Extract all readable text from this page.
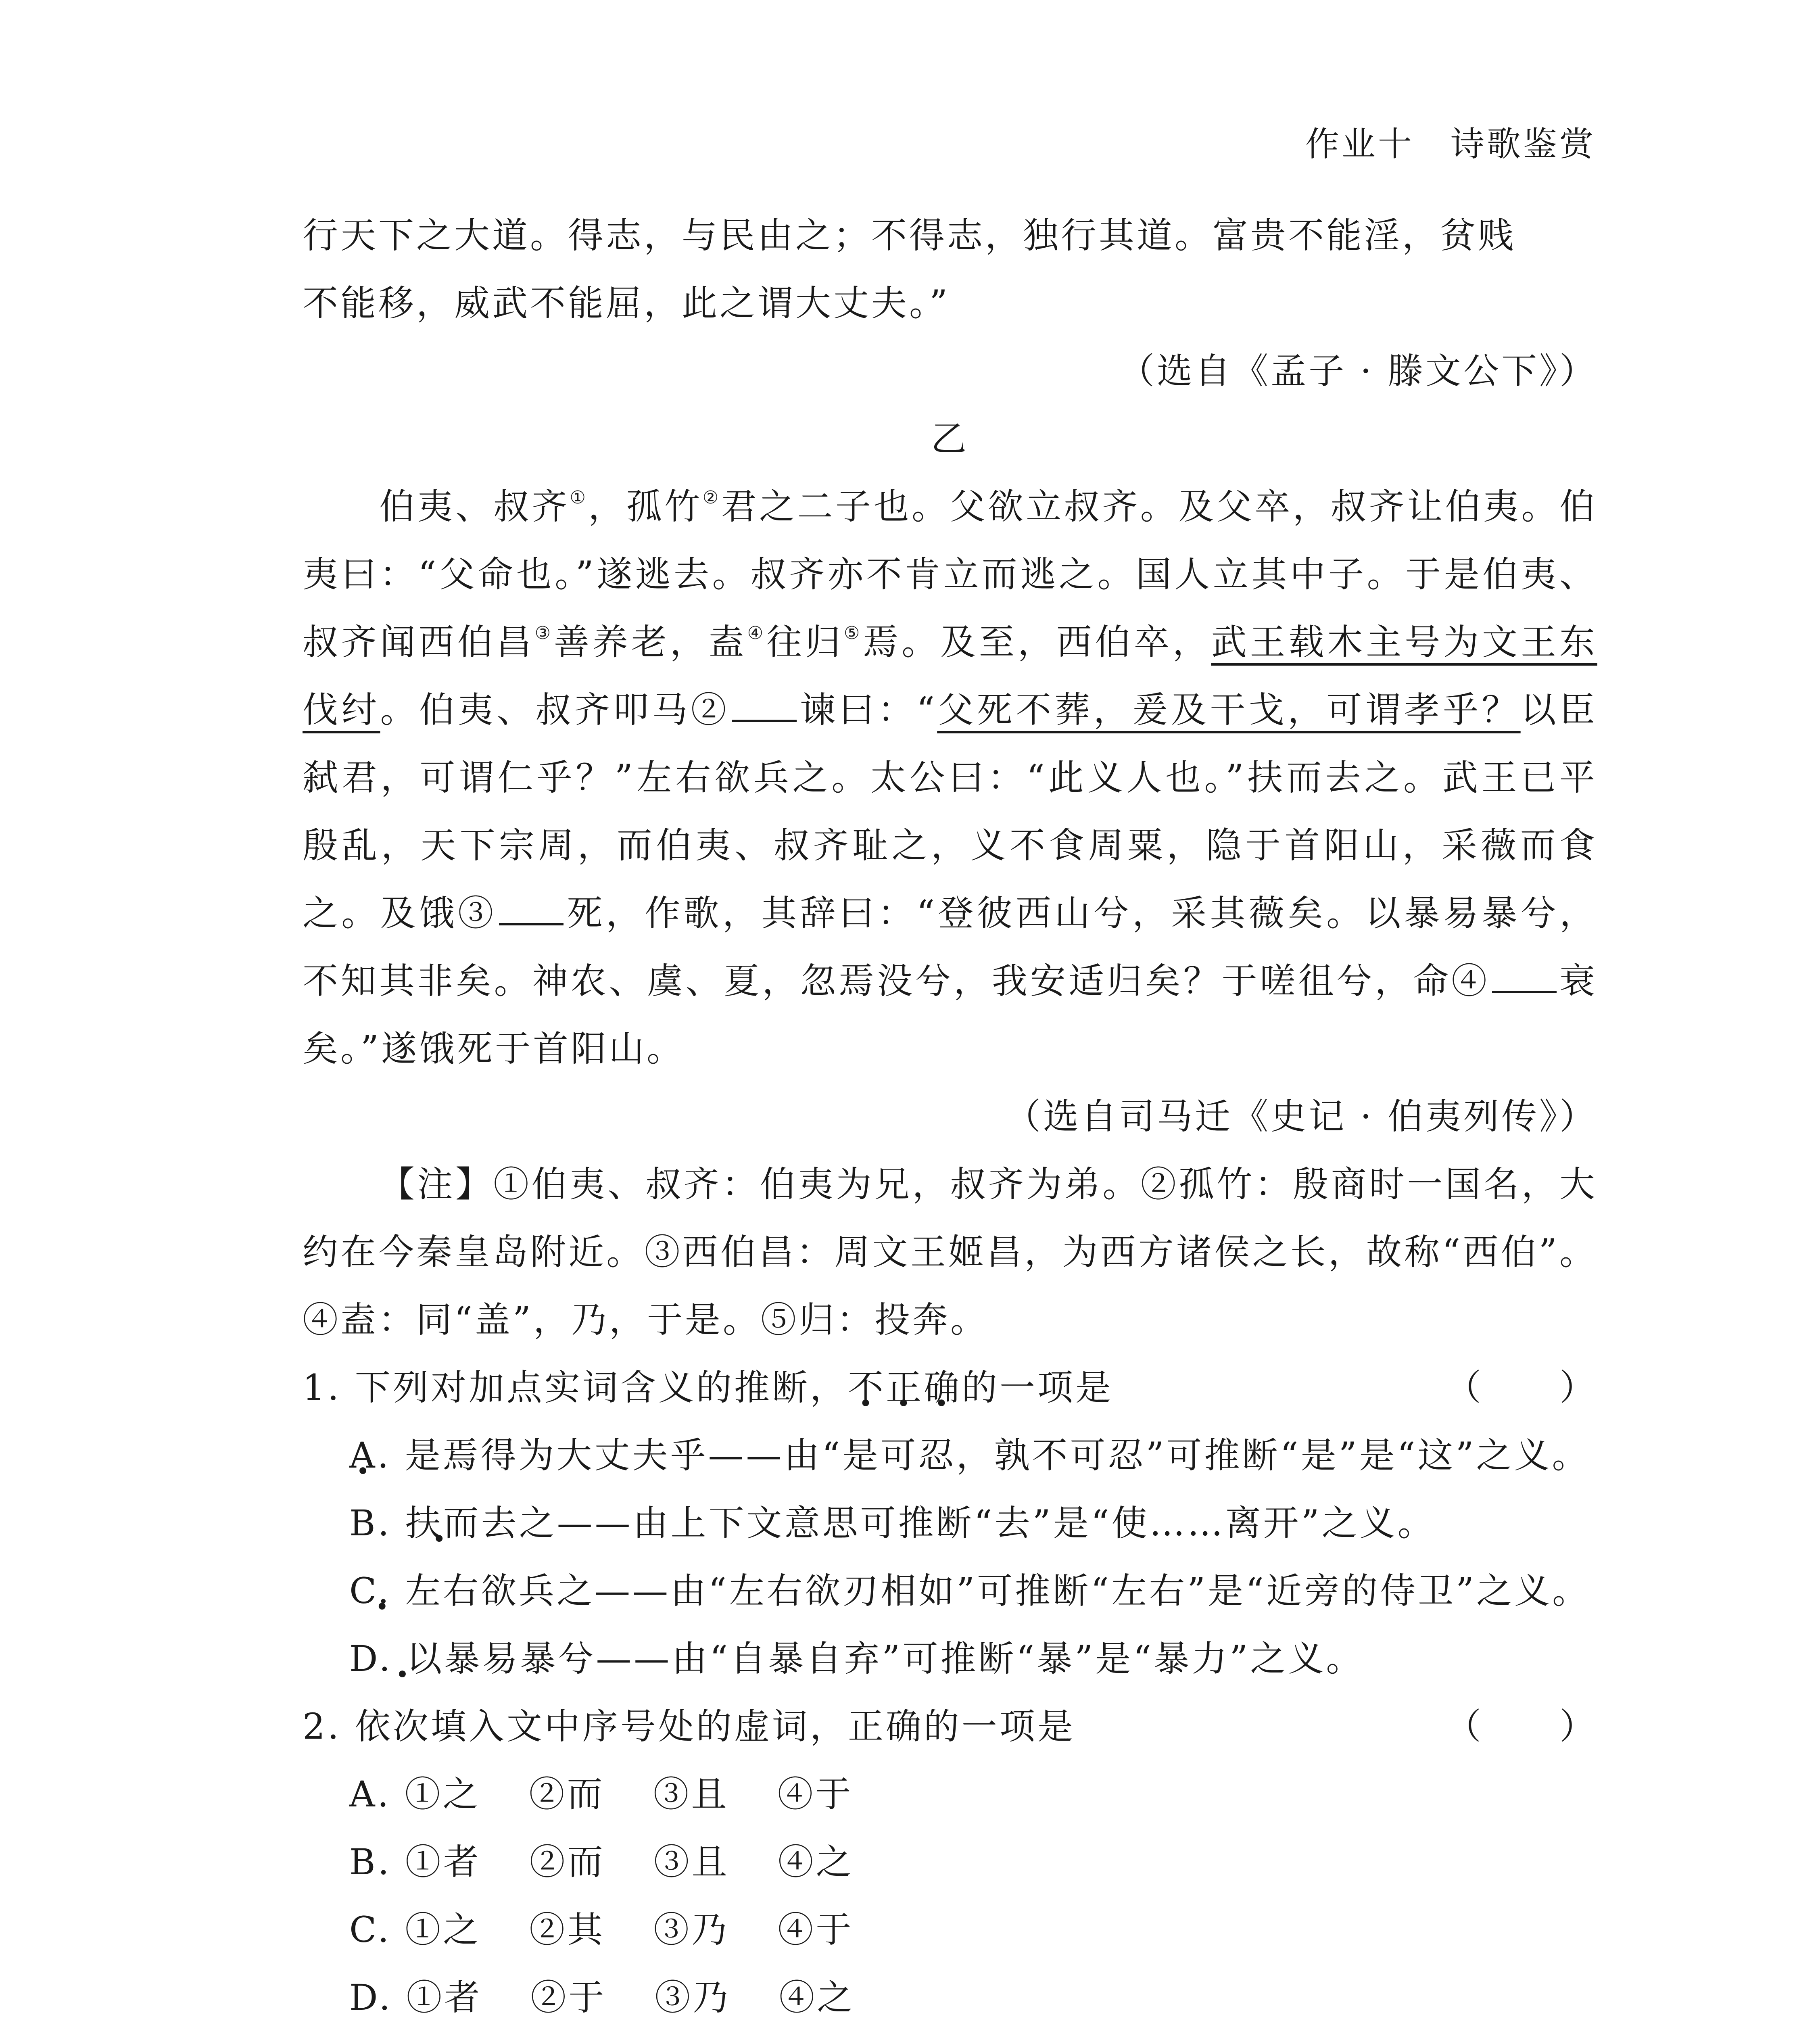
作业十　诗歌鉴赏

行天下之大道。得志，与民由之；不得志，独行其道。富贵不能淫，贫贱

不能移，威武不能屈，此之谓大丈夫。”

（选自《孟子 · 滕文公下》）

乙

伯夷、叔齐①，孤竹②君之二子也。父欲立叔齐。及父卒，叔齐让伯夷。伯夷曰：“父命也。”遂逃去。叔齐亦不肯立而逃之。国人立其中子。于是伯夷、叔齐闻西伯昌③善养老，盍④往归⑤焉。及至，西伯卒，武王载木主号为文王东伐纣。伯夷、叔齐叩马② 谏曰：“父死不葬，爰及干戈，可谓孝乎？以臣弑君，可谓仁乎？”左右欲兵之。太公曰：“此义人也。”扶而去之。武王已平殷乱，天下宗周，而伯夷、叔齐耻之，义不食周粟，隐于首阳山，采薇而食之。及饿③ 死，作歌，其辞曰：“登彼西山兮，采其薇矣。以暴易暴兮，不知其非矣。神农、虞、夏，忽焉没兮，我安适归矣？于嗟徂兮，命④ 衰矣。”遂饿死于首阳山。

（选自司马迁《史记 · 伯夷列传》）

【注】①伯夷、叔齐：伯夷为兄，叔齐为弟。②孤竹：殷商时一国名，大约在今秦皇岛附近。③西伯昌：周文王姬昌，为西方诸侯之长，故称“西伯”。④盍：同“盖”，乃，于是。⑤归：投奔。

1. 下列对加点实词含义的推断，不正确的一项是	（　　）

A. 是焉得为大丈夫乎——由“是可忍，孰不可忍”可推断“是”是“这”之义。

B. 扶而去之——由上下文意思可推断“去”是“使……离开”之义。

C. 左右欲兵之——由“左右欲刃相如”可推断“左右”是“近旁的侍卫”之义。

D. 以暴易暴兮——由“自暴自弃”可推断“暴”是“暴力”之义。

2. 依次填入文中序号处的虚词，正确的一项是	（　　）

A. ①之 ②而 ③且 ④于

B. ①者 ②而 ③且 ④之

C. ①之 ②其 ③乃 ④于

D. ①者 ②于 ③乃 ④之
